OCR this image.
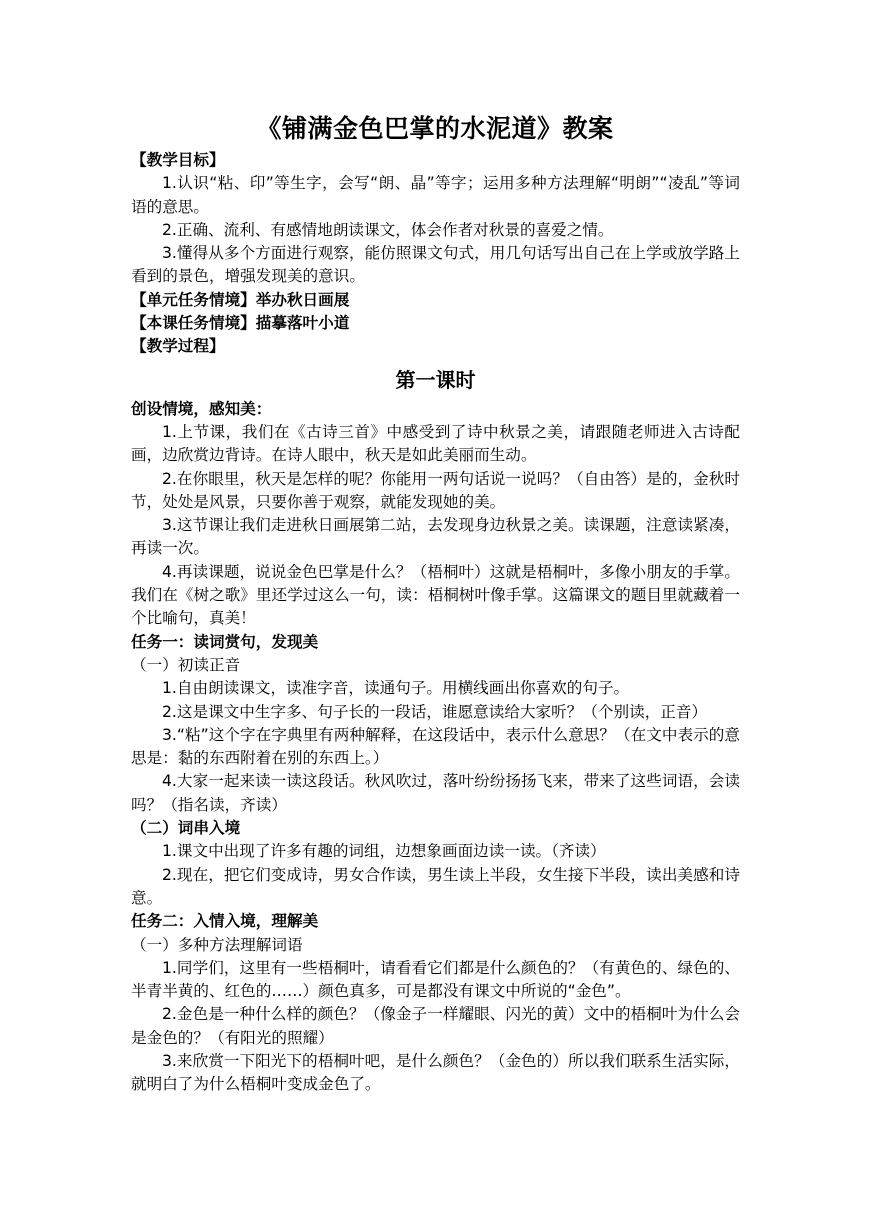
《铺满金色巴掌的水泥道》教案

【教学目标】

1.认识“粘、印”等生字，会写“朗、晶”等字；运用多种方法理解“明朗”“凌乱”等词语的意思。

2.正确、流利、有感情地朗读课文，体会作者对秋景的喜爱之情。

3.懂得从多个方面进行观察，能仿照课文句式，用几句话写出自己在上学或放学路上看到的景色，增强发现美的意识。

【单元任务情境】举办秋日画展

【本课任务情境】描摹落叶小道

【教学过程】

第一课时

创设情境，感知美：

1.上节课，我们在《古诗三首》中感受到了诗中秋景之美，请跟随老师进入古诗配画，边欣赏边背诗。在诗人眼中，秋天是如此美丽而生动。

2.在你眼里，秋天是怎样的呢？你能用一两句话说一说吗？（自由答）是的，金秋时节，处处是风景，只要你善于观察，就能发现她的美。

3.这节课让我们走进秋日画展第二站，去发现身边秋景之美。读课题，注意读紧凑，再读一次。

4.再读课题，说说金色巴掌是什么？（梧桐叶）这就是梧桐叶，多像小朋友的手掌。我们在《树之歌》里还学过这么一句，读：梧桐树叶像手掌。这篇课文的题目里就藏着一个比喻句，真美！

任务一：读词赏句，发现美

（一）初读正音

1.自由朗读课文，读准字音，读通句子。用横线画出你喜欢的句子。

2.这是课文中生字多、句子长的一段话，谁愿意读给大家听？（个别读，正音）

3.“粘”这个字在字典里有两种解释，在这段话中，表示什么意思？（在文中表示的意思是：黏的东西附着在别的东西上。）

4.大家一起来读一读这段话。秋风吹过，落叶纷纷扬扬飞来，带来了这些词语，会读吗？（指名读，齐读）

（二）词串入境

1.课文中出现了许多有趣的词组，边想象画面边读一读。（齐读）

2.现在，把它们变成诗，男女合作读，男生读上半段，女生接下半段，读出美感和诗意。

任务二：入情入境，理解美

（一）多种方法理解词语

1.同学们，这里有一些梧桐叶，请看看它们都是什么颜色的？（有黄色的、绿色的、半青半黄的、红色的……）颜色真多，可是都没有课文中所说的“金色”。

2.金色是一种什么样的颜色？（像金子一样耀眼、闪光的黄）文中的梧桐叶为什么会是金色的？（有阳光的照耀）

3.来欣赏一下阳光下的梧桐叶吧，是什么颜色？（金色的）所以我们联系生活实际，就明白了为什么梧桐叶变成金色了。
